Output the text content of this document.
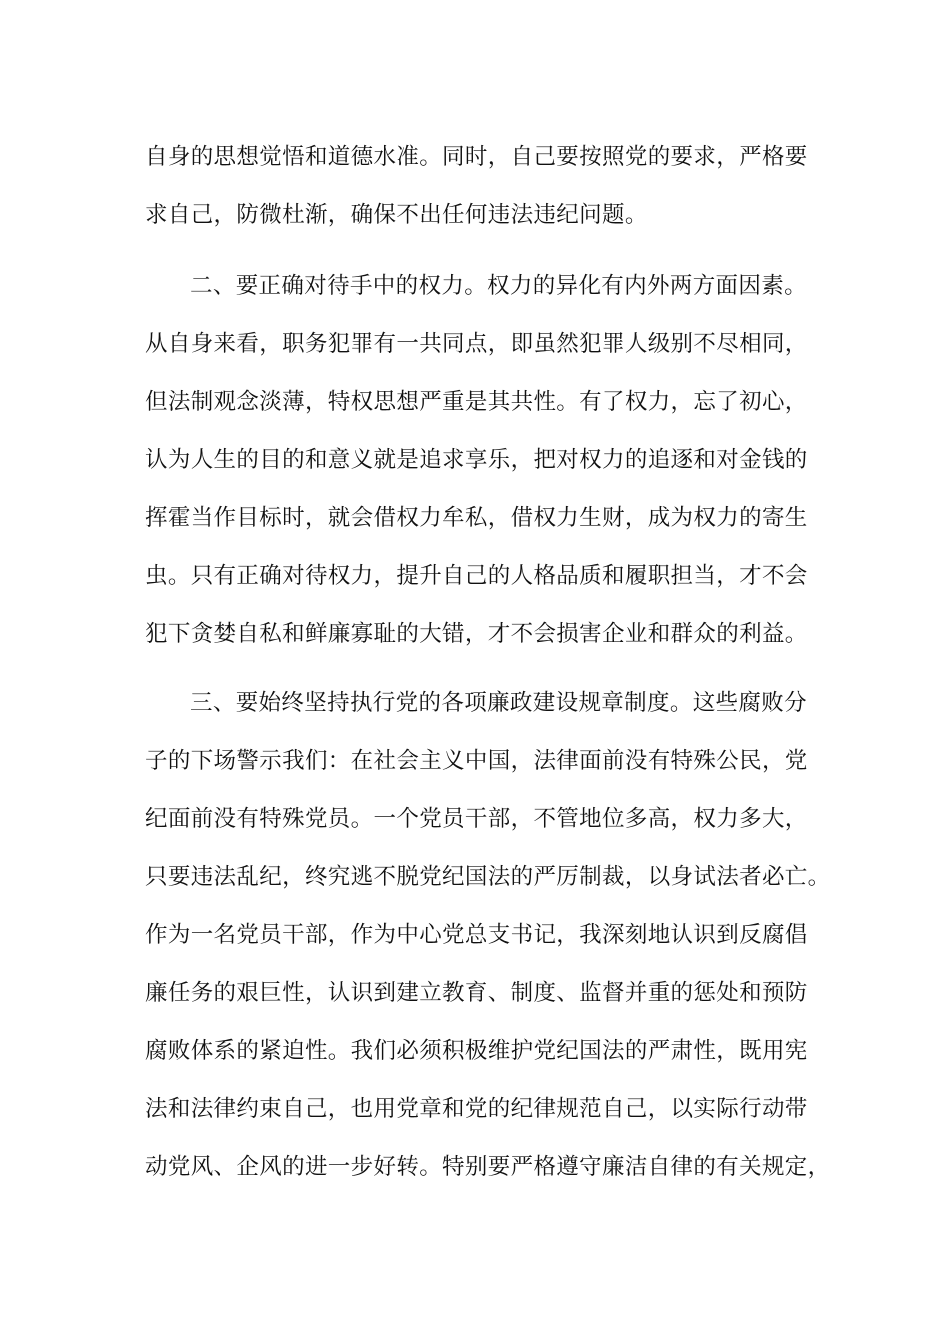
自身的思想觉悟和道德水准。同时，自己要按照党的要求，严格要
求自己，防微杜渐，确保不出任何违法违纪问题。
二、要正确对待手中的权力。权力的异化有内外两方面因素。
从自身来看，职务犯罪有一共同点，即虽然犯罪人级别不尽相同，
但法制观念淡薄，特权思想严重是其共性。有了权力，忘了初心，
认为人生的目的和意义就是追求享乐，把对权力的追逐和对金钱的
挥霍当作目标时，就会借权力牟私，借权力生财，成为权力的寄生
虫。只有正确对待权力，提升自己的人格品质和履职担当，才不会
犯下贪婪自私和鲜廉寡耻的大错，才不会损害企业和群众的利益。
三、要始终坚持执行党的各项廉政建设规章制度。这些腐败分
子的下场警示我们：在社会主义中国，法律面前没有特殊公民，党
纪面前没有特殊党员。一个党员干部，不管地位多高，权力多大，
只要违法乱纪，终究逃不脱党纪国法的严厉制裁，以身试法者必亡。
作为一名党员干部，作为中心党总支书记，我深刻地认识到反腐倡
廉任务的艰巨性，认识到建立教育、制度、监督并重的惩处和预防
腐败体系的紧迫性。我们必须积极维护党纪国法的严肃性，既用宪
法和法律约束自己，也用党章和党的纪律规范自己，以实际行动带
动党风、企风的进一步好转。特别要严格遵守廉洁自律的有关规定，
